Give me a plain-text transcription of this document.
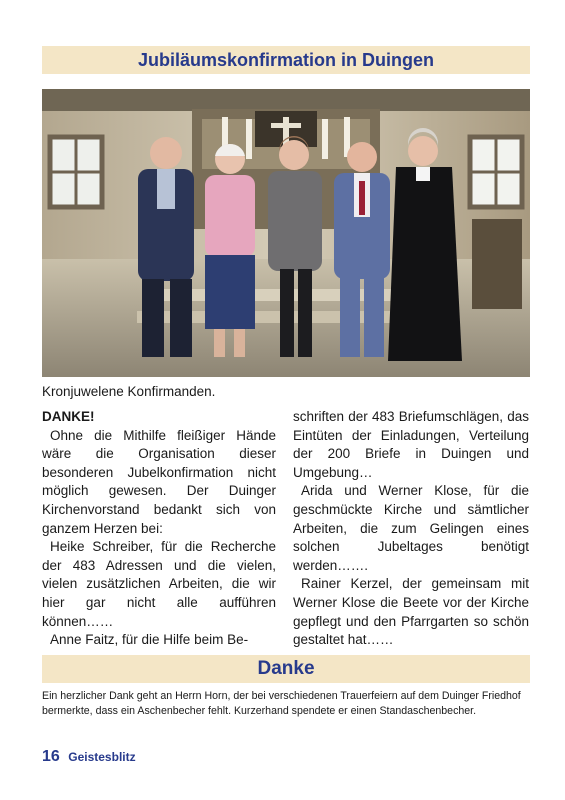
Jubiläumskonfirmation in Duingen
Kronjuwelene Konfirmanden.

DANKE!

Ohne die Mithilfe fleißiger Hände wäre die Organisation dieser besonderen Jubelkonfirmation nicht möglich gewesen. Der Duinger Kirchenvorstand bedankt sich von ganzem Herzen bei:

Heike Schreiber, für die Recherche der 483 Adressen und die vielen, vielen zusätzlichen Arbeiten, die wir hier gar nicht alle aufführen können……

Anne Faitz, für die Hilfe beim Be-

schriften der 483 Briefumschlägen, das Eintüten der Einladungen, Verteilung der 200 Briefe in Duingen und Umgebung…

Arida und Werner Klose, für die geschmückte Kirche und sämtlicher Arbeiten, die zum Gelingen eines solchen Jubeltages benötigt werden…….

Rainer Kerzel, der gemeinsam mit Werner Klose die Beete vor der Kirche gepflegt und den Pfarrgarten so schön gestaltet hat……

Danke
Ein herzlicher Dank geht an Herrn Horn, der bei verschiedenen Trauerfeiern auf dem Duinger Friedhof bermerkte, dass ein Aschenbecher fehlt. Kurzerhand spendete er einen Standaschenbecher.
16 Geistesblitz
